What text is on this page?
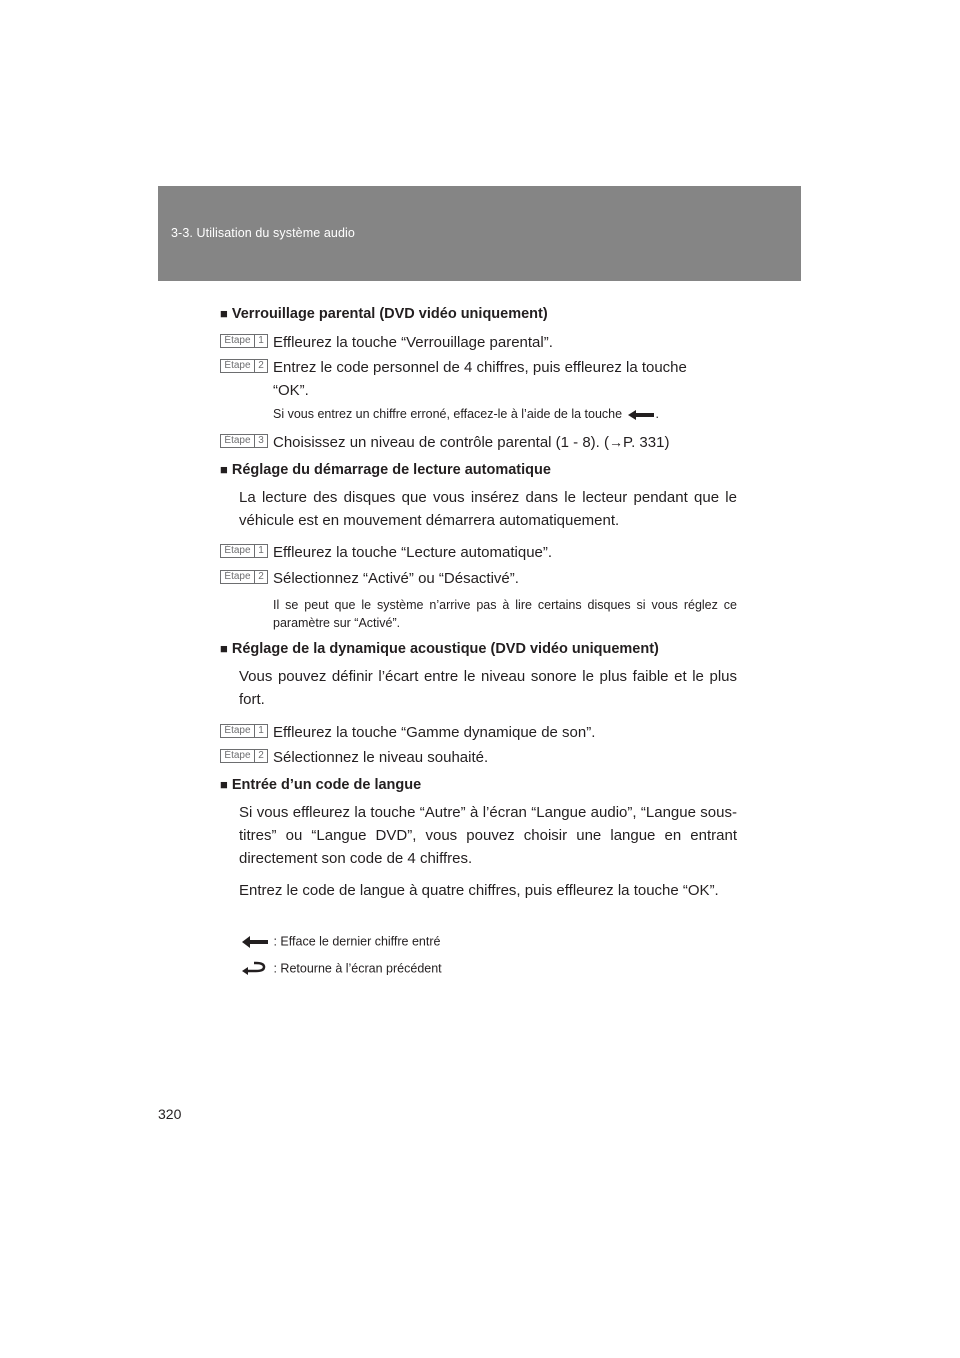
3-3. Utilisation du système audio
■ Verrouillage parental (DVD vidéo uniquement)
Étape 1 Effleurez la touche “Verrouillage parental”.
Étape 2 Entrez le code personnel de 4 chiffres, puis effleurez la touche
“OK”.
Si vous entrez un chiffre erroné, effacez-le à l’aide de la touche	.
Étape 3 Choisissez un niveau de contrôle parental (1 - 8). (→P. 331)
■ Réglage du démarrage de lecture automatique
La lecture des disques que vous insérez dans le lecteur pendant que le véhicule est en mouvement démarrera automatiquement.
Étape 1 Effleurez la touche “Lecture automatique”.
Étape 2 Sélectionnez “Activé” ou “Désactivé”.
Il se peut que le système n’arrive pas à lire certains disques si vous réglez ce paramètre sur “Activé”.
■ Réglage de la dynamique acoustique (DVD vidéo uniquement)
Vous pouvez définir l’écart entre le niveau sonore le plus faible et le plus fort.
Étape 1 Effleurez la touche “Gamme dynamique de son”.
Étape 2 Sélectionnez le niveau souhaité.
■ Entrée d’un code de langue
Si vous effleurez la touche “Autre” à l’écran “Langue audio”, “Langue sous-titres” ou “Langue DVD”, vous pouvez choisir une langue en entrant directement son code de 4 chiffres.
Entrez le code de langue à quatre chiffres, puis effleurez la touche “OK”.
: Efface le dernier chiffre entré
: Retourne à l’écran précédent
320
